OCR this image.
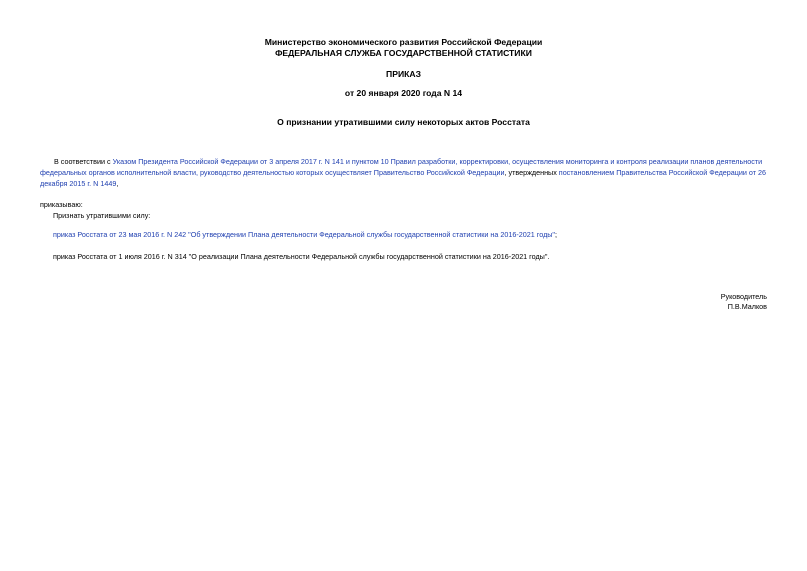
Министерство экономического развития Российской Федерации
ФЕДЕРАЛЬНАЯ СЛУЖБА ГОСУДАРСТВЕННОЙ СТАТИСТИКИ
ПРИКАЗ
от 20 января 2020 года N 14
О признании утратившими силу некоторых актов Росстата
В соответствии с Указом Президента Российской Федерации от 3 апреля 2017 г. N 141 и пунктом 10 Правил разработки, корректировки, осуществления мониторинга и контроля реализации планов деятельности федеральных органов исполнительной власти, руководство деятельностью которых осуществляет Правительство Российской Федерации, утвержденных постановлением Правительства Российской Федерации от 26 декабря 2015 г. N 1449,
приказываю:
Признать утратившими силу:
приказ Росстата от 23 мая 2016 г. N 242 "Об утверждении Плана деятельности Федеральной службы государственной статистики на 2016-2021 годы";
приказ Росстата от 1 июля 2016 г. N 314 "О реализации Плана деятельности Федеральной службы государственной статистики на 2016-2021 годы".
Руководитель
П.В.Малков
